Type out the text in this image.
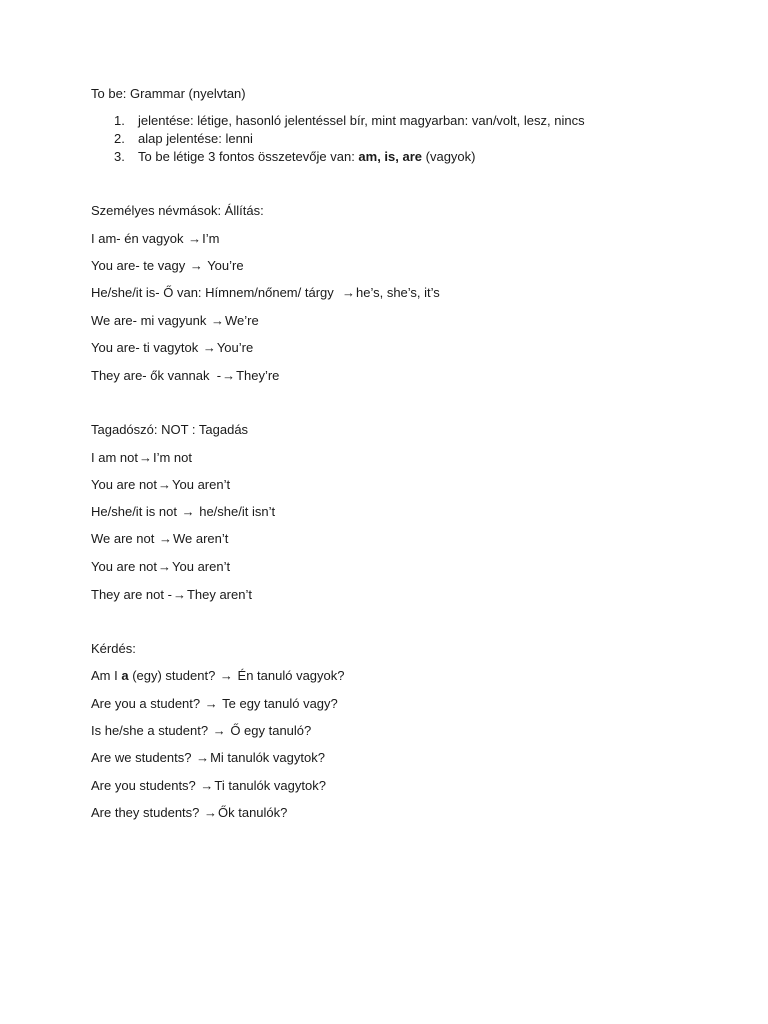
To be: Grammar (nyelvtan)
1. jelentése: létige, hasonló jelentéssel bír, mint magyarban: van/volt, lesz, nincs
2. alap jelentése: lenni
3. To be létige 3 fontos összetevője van: am, is, are (vagyok)
Személyes névmások: Állítás:
I am- én vagyok →I’m
You are- te vagy → You’re
He/she/it is- Ő van: Hímnem/nőnem/ tárgy  →he’s, she’s, it’s
We are- mi vagyunk →We’re
You are- ti vagytok →You’re
They are- ők vannak  -→They’re
Tagadószó: NOT : Tagadás
I am not→I’m not
You are not→You aren’t
He/she/it is not → he/she/it isn’t
We are not →We aren’t
You are not→You aren’t
They are not -→They aren’t
Kérdés:
Am I a (egy) student? → Én tanuló vagyok?
Are you a student? → Te egy tanuló vagy?
Is he/she a student? → Ő egy tanuló?
Are we students? →Mi tanulók vagytok?
Are you students? →Ti tanulók vagytok?
Are they students? →Ők tanulók?
